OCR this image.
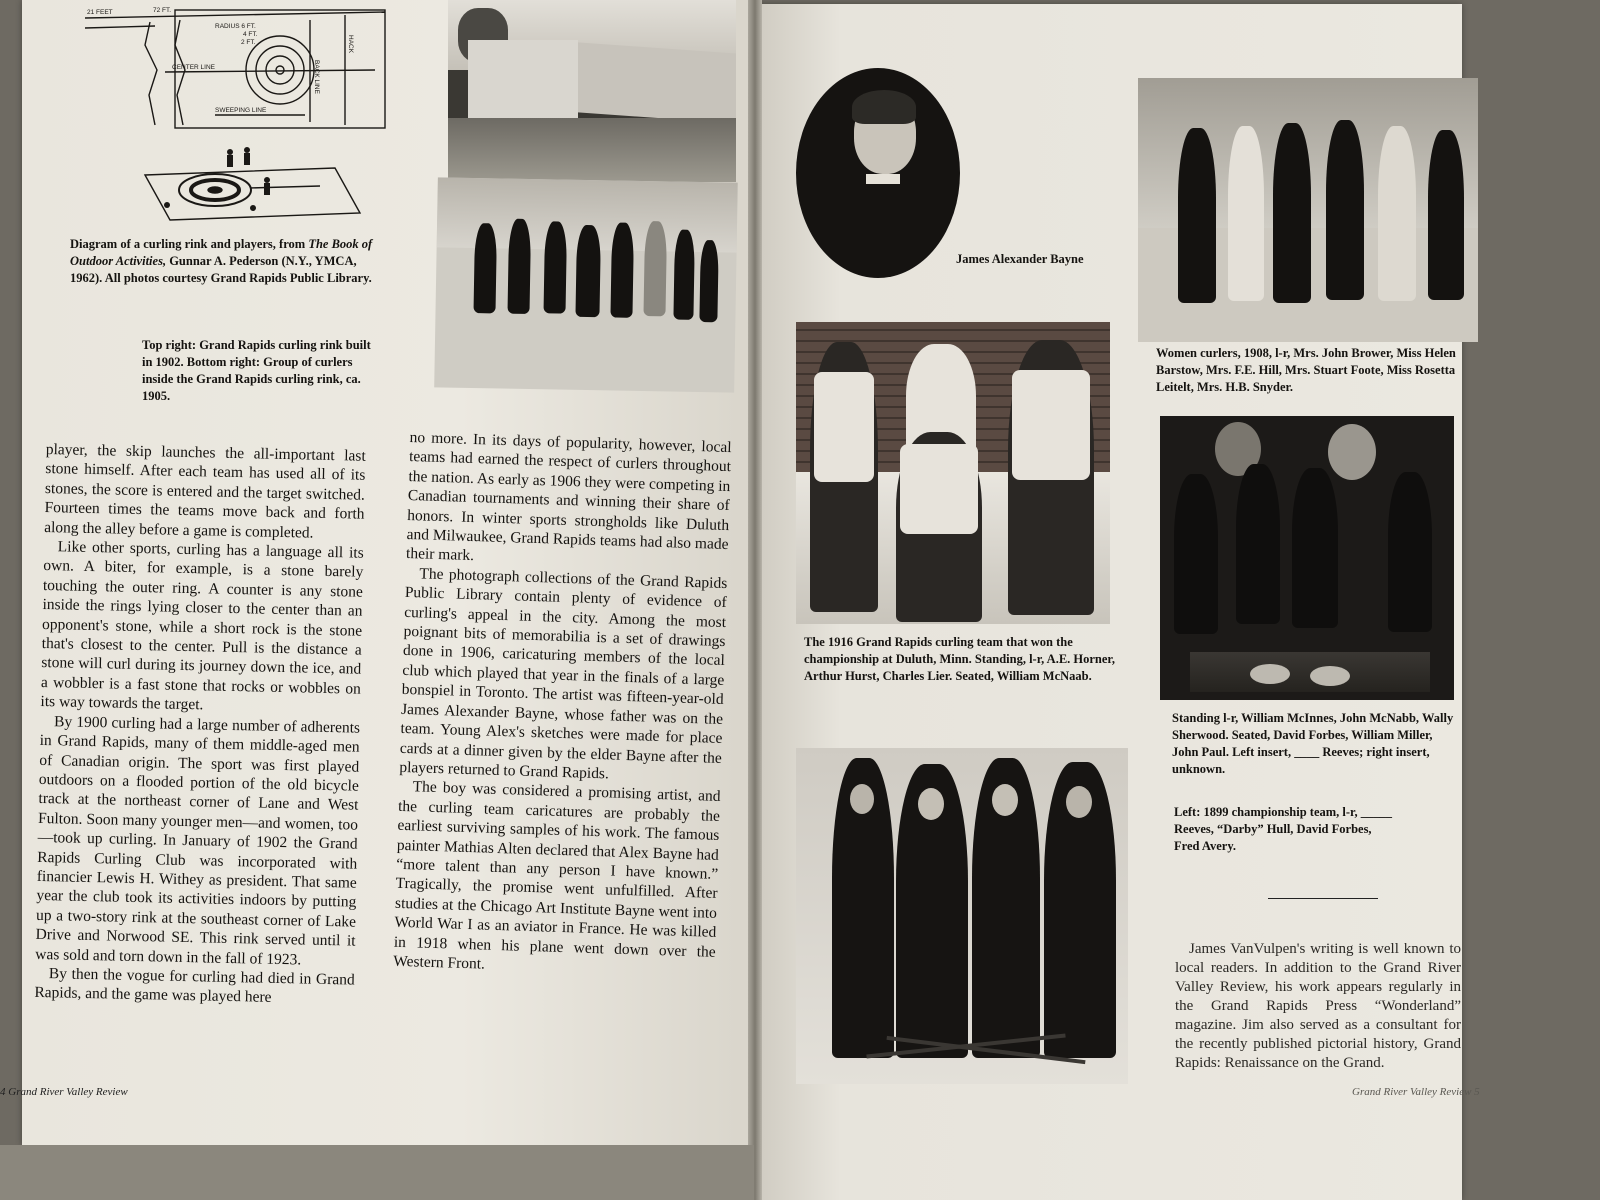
21 FEET	72 FT.
RADIUS 6 FT.
4 FT.
2 FT.
CENTER LINE	BACK LINE
HACK
SWEEPING LINE
Diagram of a curling rink and players, from The Book of Outdoor Activities, Gunnar A. Pederson (N.Y., YMCA, 1962). All photos courtesy Grand Rapids Public Library.
Top right: Grand Rapids curling rink built in 1902. Bottom right: Group of curlers inside the Grand Rapids curling rink, ca. 1905.

player, the skip launches the all-important last stone himself. After each team has used all of its stones, the score is entered and the target switched. Fourteen times the teams move back and forth along the alley before a game is completed.

Like other sports, curling has a language all its own. A biter, for example, is a stone barely touching the outer ring. A counter is any stone inside the rings lying closer to the center than an opponent's stone, while a short rock is the stone that's closest to the center. Pull is the distance a stone will curl during its journey down the ice, and a wobbler is a fast stone that rocks or wobbles on its way towards the target.

By 1900 curling had a large number of adherents in Grand Rapids, many of them middle-aged men of Canadian origin. The sport was first played outdoors on a flooded portion of the old bicycle track at the northeast corner of Lane and West Fulton. Soon many younger men—and women, too—took up curling. In January of 1902 the Grand Rapids Curling Club was incorporated with financier Lewis H. Withey as president. That same year the club took its activities indoors by putting up a two-story rink at the southeast corner of Lake Drive and Norwood SE. This rink served until it was sold and torn down in the fall of 1923.

By then the vogue for curling had died in Grand Rapids, and the game was played here

no more. In its days of popularity, however, local teams had earned the respect of curlers throughout the nation. As early as 1906 they were competing in Canadian tournaments and winning their share of honors. In winter sports strongholds like Duluth and Milwaukee, Grand Rapids teams had also made their mark.

The photograph collections of the Grand Rapids Public Library contain plenty of evidence of curling's appeal in the city. Among the most poignant bits of memorabilia is a set of drawings done in 1906, caricaturing members of the local club which played that year in the finals of a large bonspiel in Toronto. The artist was fifteen-year-old James Alexander Bayne, whose father was on the team. Young Alex's sketches were made for place cards at a dinner given by the elder Bayne after the players returned to Grand Rapids.

The boy was considered a promising artist, and the curling team caricatures are probably the earliest surviving samples of his work. The famous painter Mathias Alten declared that Alex Bayne had “more talent than any person I have known.” Tragically, the promise went unfulfilled. After studies at the Chicago Art Institute Bayne went into World War I as an aviator in France. He was killed in 1918 when his plane went down over the Western Front.

4 Grand River Valley Review
James Alexander Bayne
Women curlers, 1908, l-r, Mrs. John Brower, Miss Helen Barstow, Mrs. F.E. Hill, Mrs. Stuart Foote, Miss Rosetta Leitelt, Mrs. H.B. Snyder.
The 1916 Grand Rapids curling team that won the championship at Duluth, Minn. Standing, l-r, A.E. Horner, Arthur Hurst, Charles Lier. Seated, William McNaab.
Standing l-r, William McInnes, John McNabb, Wally Sherwood. Seated, David Forbes, William Miller, John Paul. Left insert, ____ Reeves; right insert, unknown.
Left: 1899 championship team, l-r, _____ Reeves, “Darby” Hull, David Forbes, Fred Avery.
James VanVulpen's writing is well known to local readers. In addition to the Grand River Valley Review, his work appears regularly in the Grand Rapids Press “Wonderland” magazine. Jim also served as a consultant for the recently published pictorial history, Grand Rapids: Renaissance on the Grand.
Grand River Valley Review 5
